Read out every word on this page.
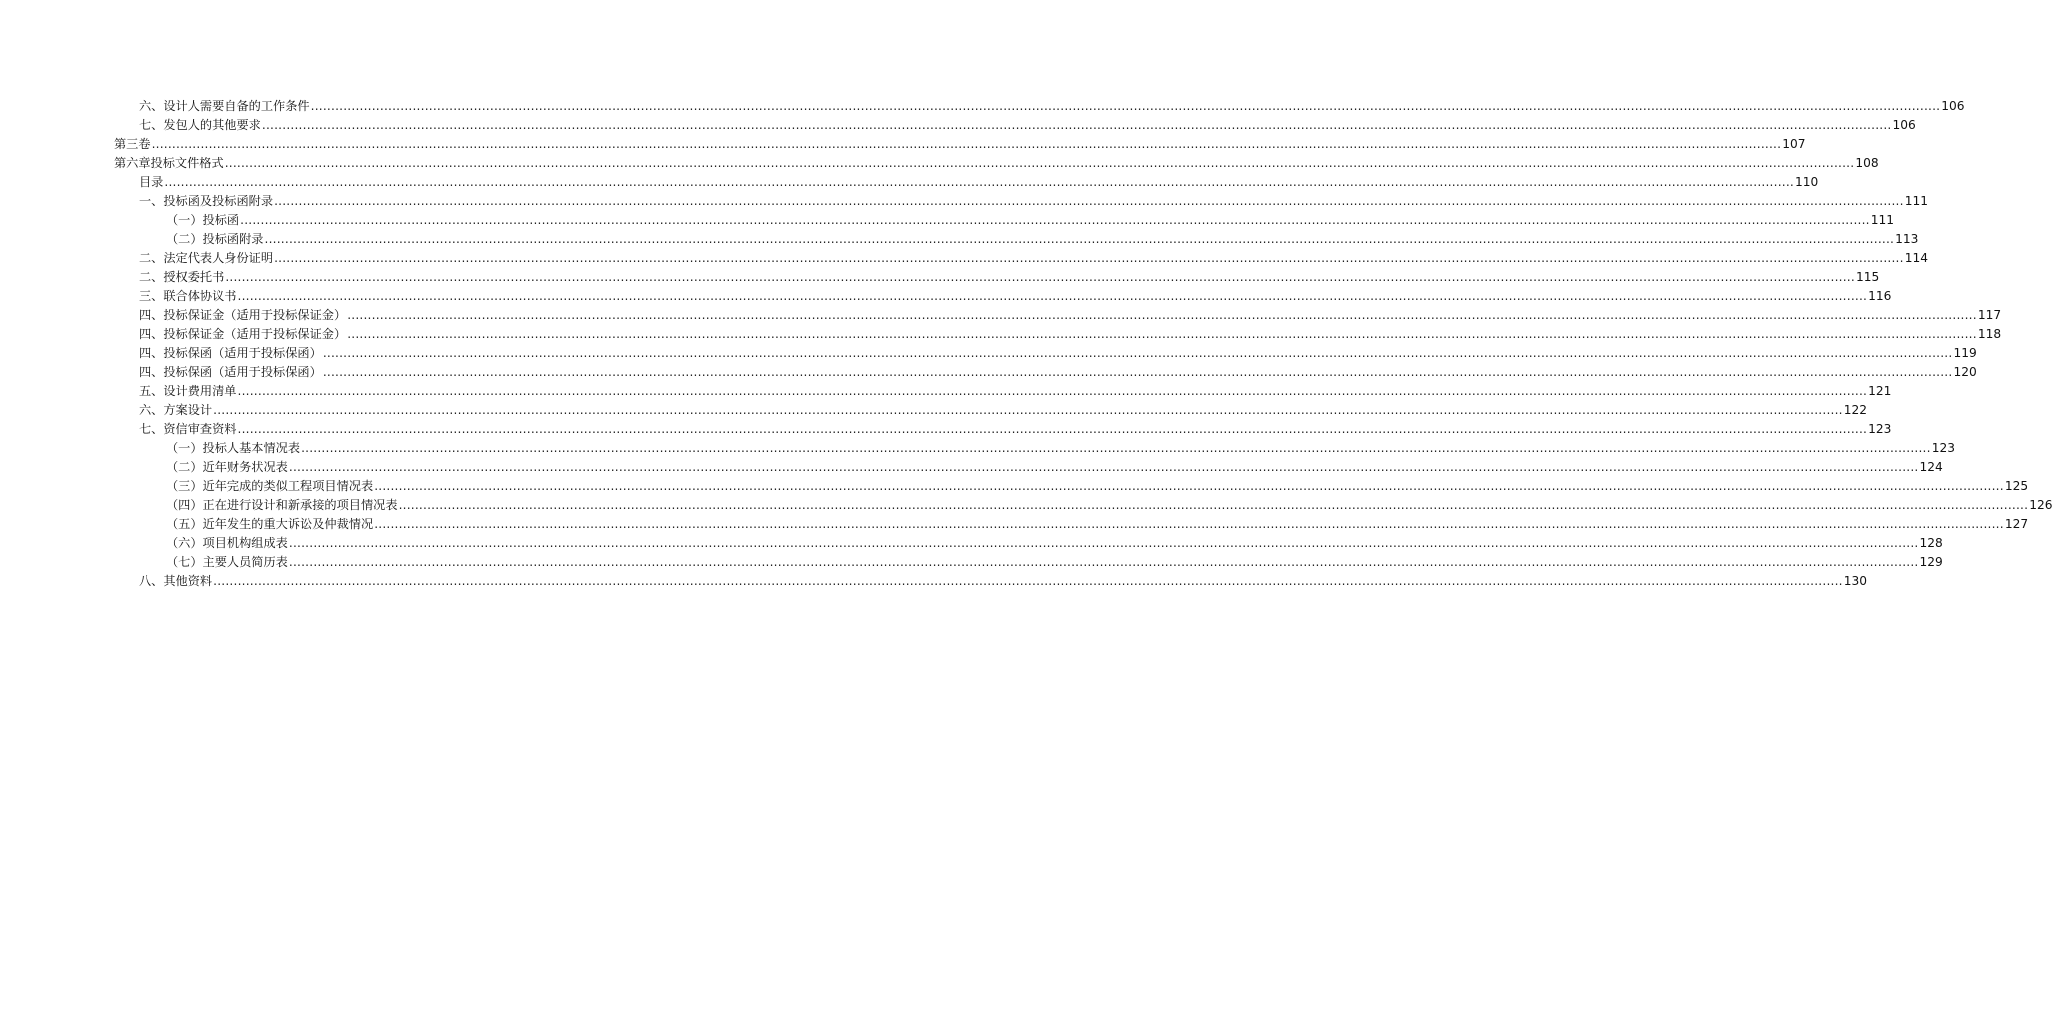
六、设计人需要自备的工作条件 ................................................................................................................................................................................................................................................................................................................................................................................................................ 106
七、发包人的其他要求 ................................................................................................................................................................................................................................................................................................................................................................................................................ 106
第三卷 ................................................................................................................................................................................................................................................................................................................................................................................................................ 107
第六章投标文件格式 ................................................................................................................................................................................................................................................................................................................................................................................................................ 108
目录 ................................................................................................................................................................................................................................................................................................................................................................................................................ 110
一、投标函及投标函附录 ................................................................................................................................................................................................................................................................................................................................................................................................................ 111
（一）投标函 ................................................................................................................................................................................................................................................................................................................................................................................................................ 111
（二）投标函附录 ................................................................................................................................................................................................................................................................................................................................................................................................................ 113
二、法定代表人身份证明 ................................................................................................................................................................................................................................................................................................................................................................................................................ 114
二、授权委托书 ................................................................................................................................................................................................................................................................................................................................................................................................................ 115
三、联合体协议书 ................................................................................................................................................................................................................................................................................................................................................................................................................ 116
四、投标保证金（适用于投标保证金） ................................................................................................................................................................................................................................................................................................................................................................................................................ 117
四、投标保证金（适用于投标保证金） ................................................................................................................................................................................................................................................................................................................................................................................................................ 118
四、投标保函（适用于投标保函） ................................................................................................................................................................................................................................................................................................................................................................................................................ 119
四、投标保函（适用于投标保函） ................................................................................................................................................................................................................................................................................................................................................................................................................ 120
五、设计费用清单 ................................................................................................................................................................................................................................................................................................................................................................................................................ 121
六、方案设计 ................................................................................................................................................................................................................................................................................................................................................................................................................ 122
七、资信审查资料 ................................................................................................................................................................................................................................................................................................................................................................................................................ 123
（一）投标人基本情况表 ................................................................................................................................................................................................................................................................................................................................................................................................................ 123
（二）近年财务状况表 ................................................................................................................................................................................................................................................................................................................................................................................................................ 124
（三）近年完成的类似工程项目情况表 ................................................................................................................................................................................................................................................................................................................................................................................................................ 125
（四）正在进行设计和新承接的项目情况表 ................................................................................................................................................................................................................................................................................................................................................................................................................ 126
（五）近年发生的重大诉讼及仲裁情况 ................................................................................................................................................................................................................................................................................................................................................................................................................ 127
（六）项目机构组成表 ................................................................................................................................................................................................................................................................................................................................................................................................................ 128
（七）主要人员简历表 ................................................................................................................................................................................................................................................................................................................................................................................................................ 129
八、其他资料 ................................................................................................................................................................................................................................................................................................................................................................................................................ 130
